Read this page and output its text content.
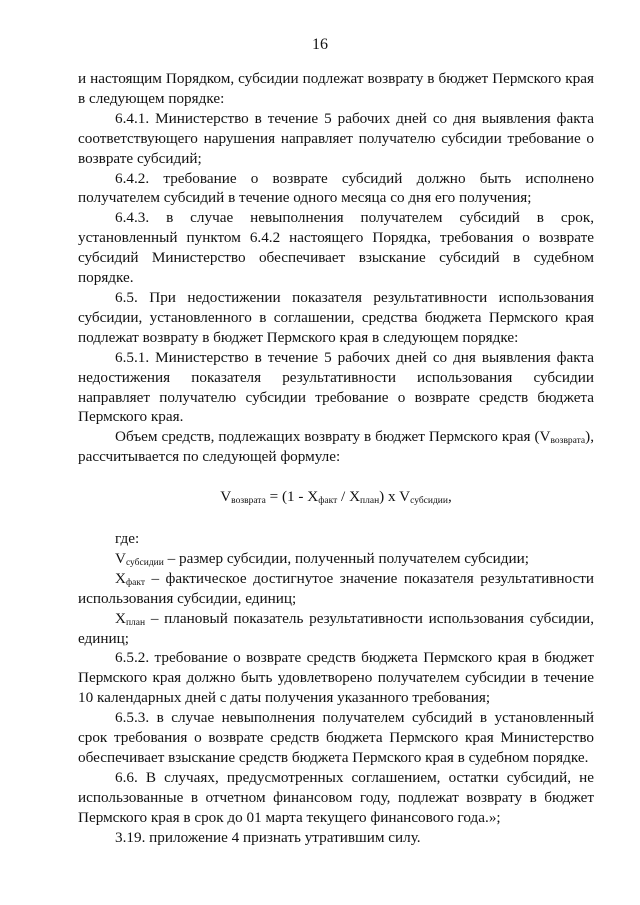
16

и настоящим Порядком, субсидии подлежат возврату в бюджет Пермского края в следующем порядке:

6.4.1. Министерство в течение 5 рабочих дней со дня выявления факта соответствующего нарушения направляет получателю субсидии требование о возврате субсидий;

6.4.2. требование о возврате субсидий должно быть исполнено получателем субсидий в течение одного месяца со дня его получения;

6.4.3. в случае невыполнения получателем субсидий в срок, установленный пунктом 6.4.2 настоящего Порядка, требования о возврате субсидий Министерство обеспечивает взыскание субсидий в судебном порядке.

6.5. При недостижении показателя результативности использования субсидии, установленного в соглашении, средства бюджета Пермского края подлежат возврату в бюджет Пермского края в следующем порядке:

6.5.1. Министерство в течение 5 рабочих дней со дня выявления факта недостижения показателя результативности использования субсидии направляет получателю субсидии требование о возврате средств бюджета Пермского края.

Объем средств, подлежащих возврату в бюджет Пермского края $(V_{возврата})$, рассчитывается по следующей формуле:

$V_{возврата} = (1 - X_{факт} / X_{план})$ x $V_{субсидии}$,

где:

$V_{субсидии}$ – размер субсидии, полученный получателем субсидии;

$X_{факт}$ – фактическое достигнутое значение показателя результативности использования субсидии, единиц;

$X_{план}$ – плановый показатель результативности использования субсидии, единиц;

6.5.2. требование о возврате средств бюджета Пермского края в бюджет Пермского края должно быть удовлетворено получателем субсидии в течение 10 календарных дней с даты получения указанного требования;

6.5.3. в случае невыполнения получателем субсидий в установленный срок требования о возврате средств бюджета Пермского края Министерство обеспечивает взыскание средств бюджета Пермского края в судебном порядке.

6.6. В случаях, предусмотренных соглашением, остатки субсидий, не использованные в отчетном финансовом году, подлежат возврату в бюджет Пермского края в срок до 01 марта текущего финансового года.»;

3.19. приложение 4 признать утратившим силу.
